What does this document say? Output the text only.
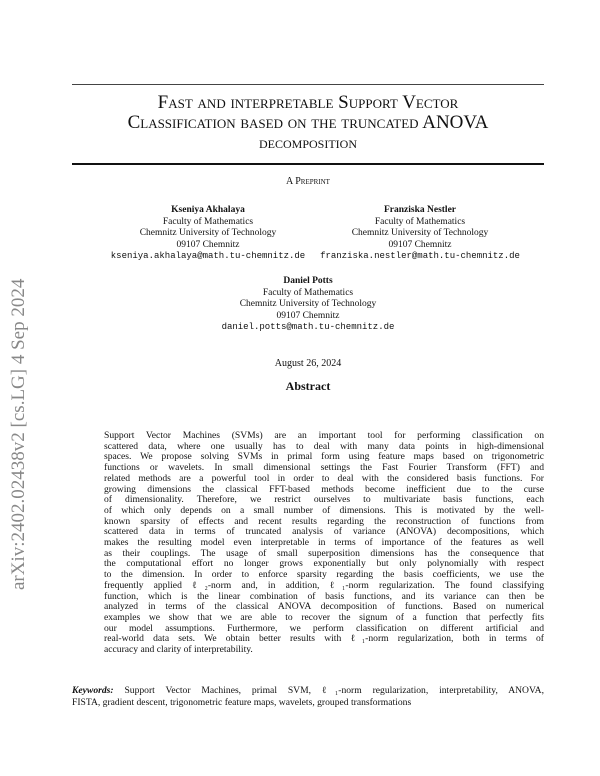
arXiv:2402.02438v2 [cs.LG] 4 Sep 2024
Fast and interpretable Support Vector
Classification based on the truncated ANOVA
decomposition
A Preprint
Kseniya Akhalaya
Faculty of Mathematics
Chemnitz University of Technology
09107 Chemnitz
kseniya.akhalaya@math.tu-chemnitz.de
Franziska Nestler
Faculty of Mathematics
Chemnitz University of Technology
09107 Chemnitz
franziska.nestler@math.tu-chemnitz.de
Daniel Potts
Faculty of Mathematics
Chemnitz University of Technology
09107 Chemnitz
daniel.potts@math.tu-chemnitz.de
August 26, 2024
Abstract
Support Vector Machines (SVMs) are an important tool for performing classification on
scattered data, where one usually has to deal with many data points in high-dimensional
spaces. We propose solving SVMs in primal form using feature maps based on trigonometric
functions or wavelets. In small dimensional settings the Fast Fourier Transform (FFT) and
related methods are a powerful tool in order to deal with the considered basis functions. For
growing dimensions the classical FFT-based methods become inefficient due to the curse
of dimensionality. Therefore, we restrict ourselves to multivariate basis functions, each
of which only depends on a small number of dimensions. This is motivated by the well-
known sparsity of effects and recent results regarding the reconstruction of functions from
scattered data in terms of truncated analysis of variance (ANOVA) decompositions, which
makes the resulting model even interpretable in terms of importance of the features as well
as their couplings. The usage of small superposition dimensions has the consequence that
the computational effort no longer grows exponentially but only polynomially with respect
to the dimension. In order to enforce sparsity regarding the basis coefficients, we use the
frequently applied ℓ₂-norm and, in addition, ℓ₁-norm regularization. The found classifying
function, which is the linear combination of basis functions, and its variance can then be
analyzed in terms of the classical ANOVA decomposition of functions. Based on numerical
examples we show that we are able to recover the signum of a function that perfectly fits
our model assumptions. Furthermore, we perform classification on different artificial and
real-world data sets. We obtain better results with ℓ₁-norm regularization, both in terms of
accuracy and clarity of interpretability.
Keywords: Support Vector Machines, primal SVM, ℓ₁-norm regularization, interpretability, ANOVA,
FISTA, gradient descent, trigonometric feature maps, wavelets, grouped transformations
